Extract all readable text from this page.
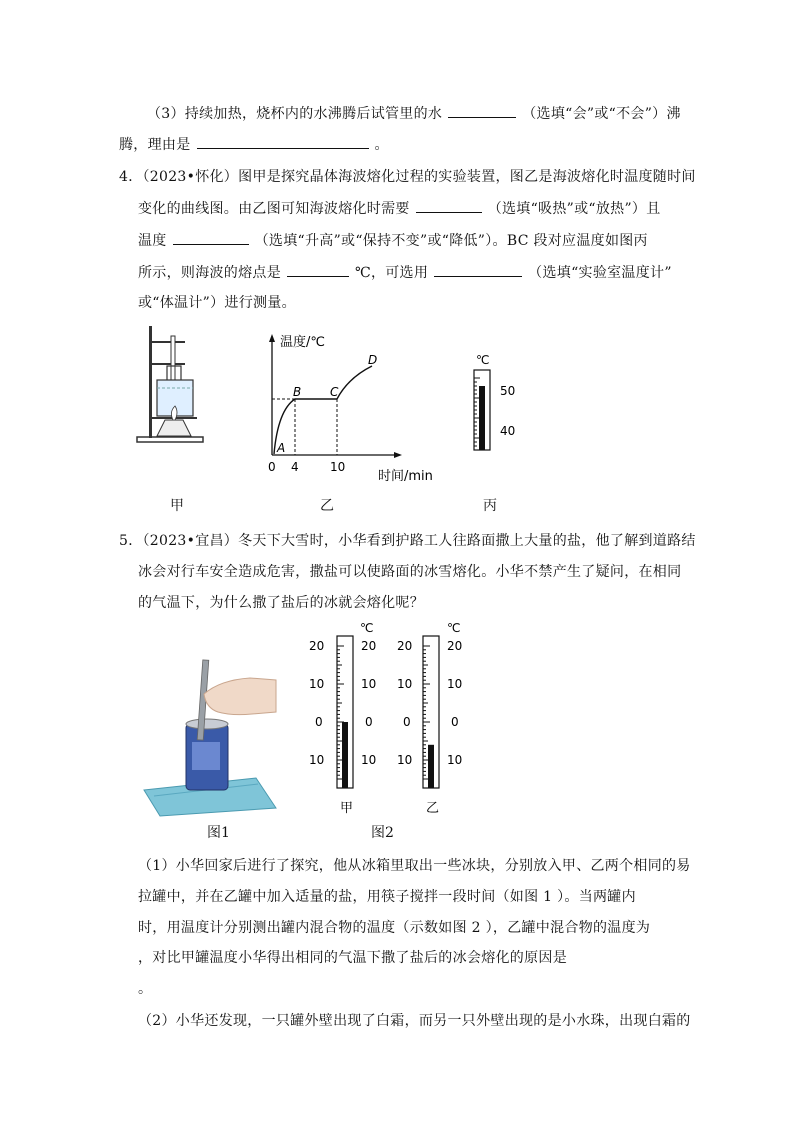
（3）持续加热，烧杯内的水沸腾后试管里的水	（选填“会”或“不会”）沸
腾，理由是	。
4．（2023•怀化）图甲是探究晶体海波熔化过程的实验装置，图乙是海波熔化时温度随时间
变化的曲线图。由乙图可知海波熔化时需要	（选填“吸热”或“放热”）且
温度	（选填“升高”或“保持不变”或“降低”）。BC 段对应温度如图丙
所示，则海波的熔点是	℃，可选用	（选填“实验室温度计”
或“体温计”）进行测量。
温度/℃
时间/min
A
B C
D
0 4	10
℃
50
40
甲	乙	丙
5．（2023•宜昌）冬天下大雪时，小华看到护路工人往路面撒上大量的盐，他了解到道路结
冰会对行车安全造成危害，撒盐可以使路面的冰雪熔化。小华不禁产生了疑问，在相同
的气温下，为什么撒了盐后的冰就会熔化呢？
℃	℃
20	20
10	10
0	0
10	10
20	20
10	10
0	0
10	10
甲	乙
图1	图2
（1）小华回家后进行了探究，他从冰箱里取出一些冰块，分别放入甲、乙两个相同的易
拉罐中，并在乙罐中加入适量的盐，用筷子搅拌一段时间（如图 1 ）。当两罐内
时，用温度计分别测出罐内混合物的温度（示数如图 2 ），乙罐中混合物的温度为
，对比甲罐温度小华得出相同的气温下撒了盐后的冰会熔化的原因是
。
（2）小华还发现，一只罐外壁出现了白霜，而另一只外壁出现的是小水珠，出现白霜的
